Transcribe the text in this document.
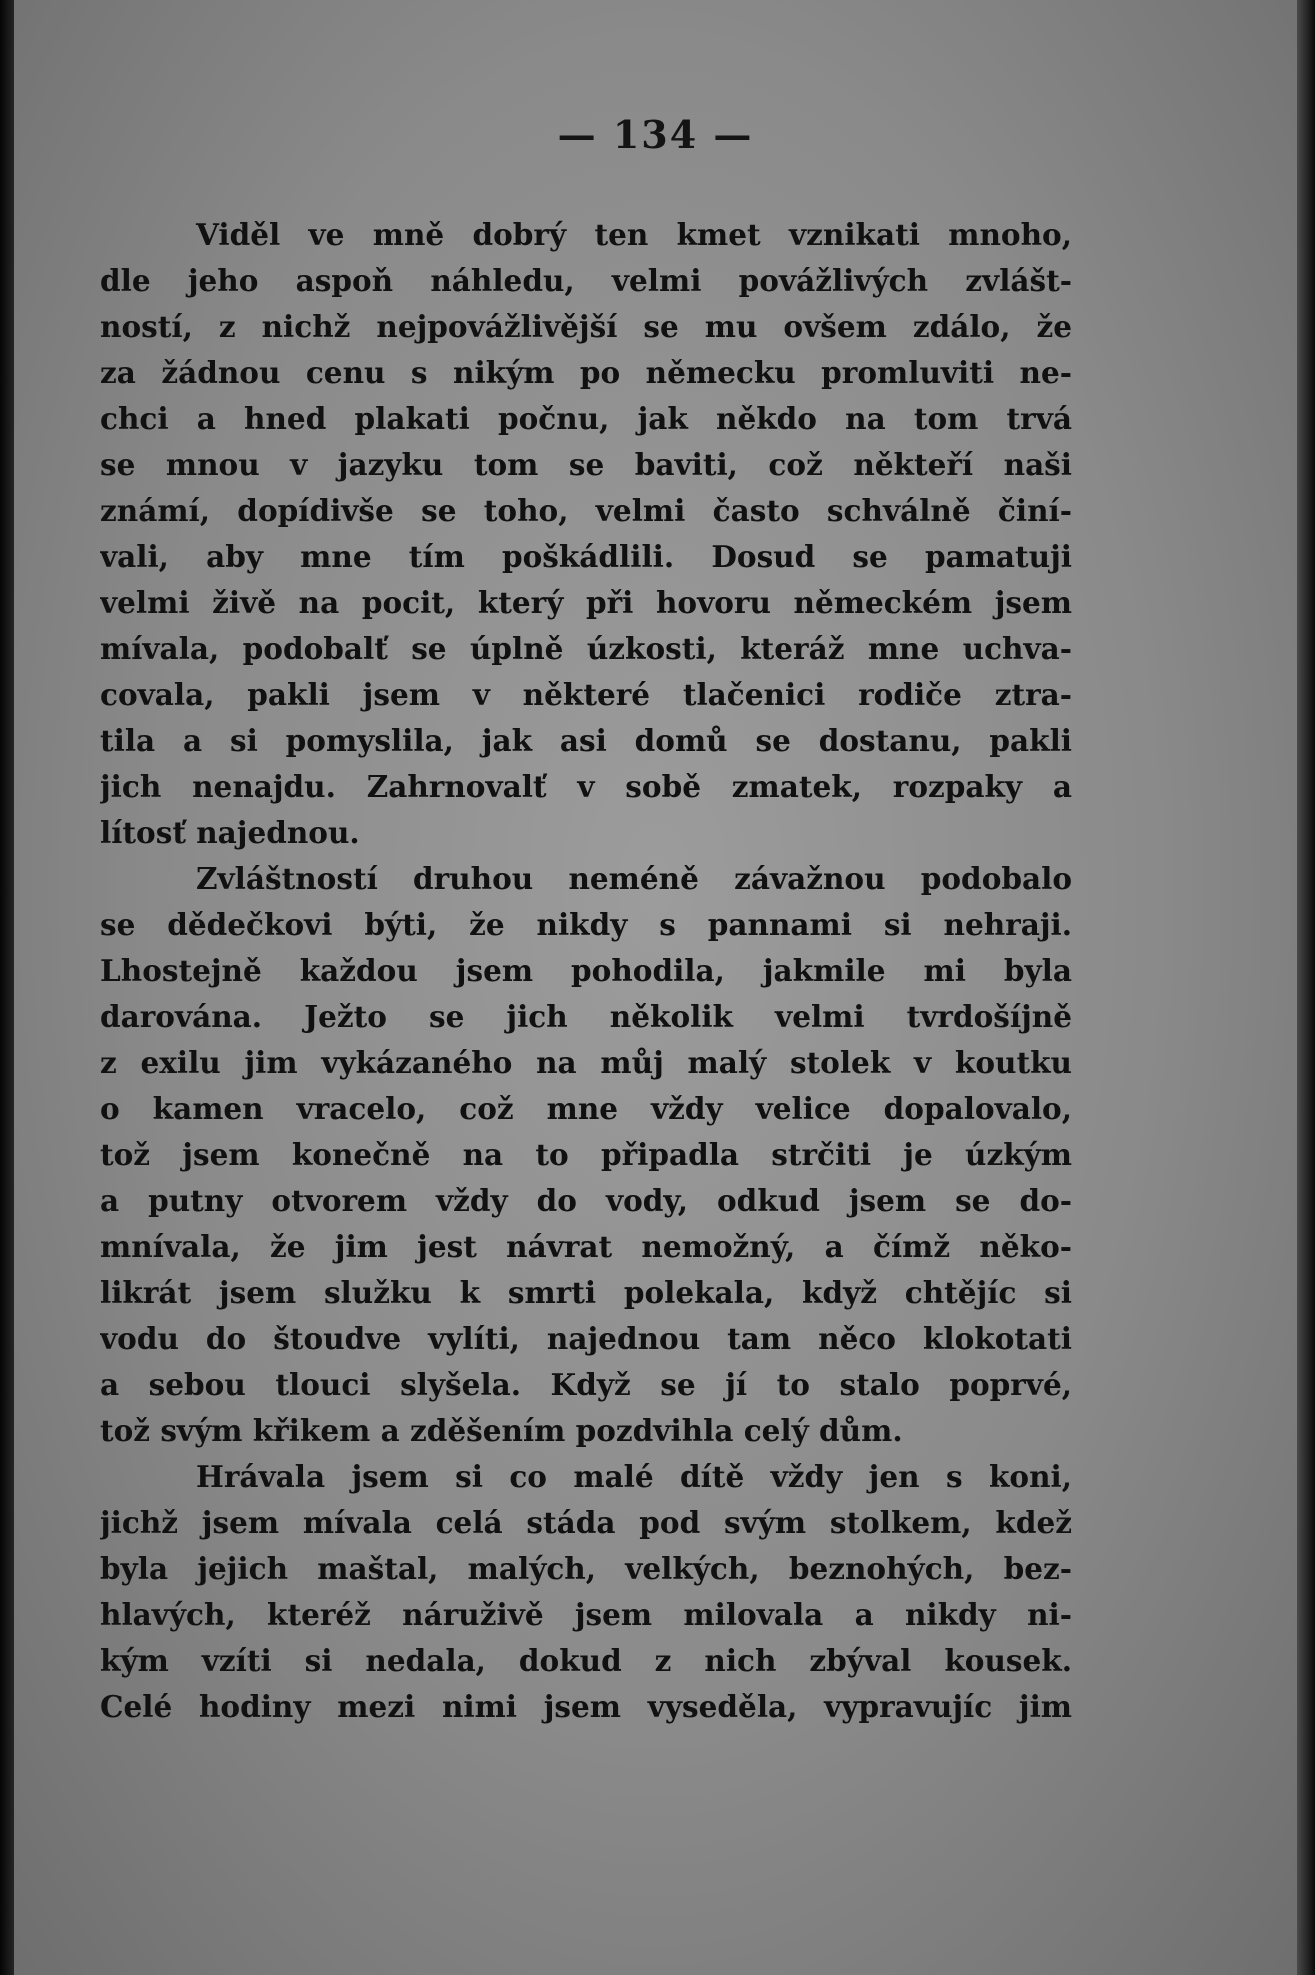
— 134 —
Viděl ve mně dobrý ten kmet vznikati mnoho,
dle jeho aspoň náhledu, velmi povážlivých zvlášt-
ností, z nichž nejpovážlivější se mu ovšem zdálo, že
za žádnou cenu s nikým po německu promluviti ne-
chci a hned plakati počnu, jak někdo na tom trvá
se mnou v jazyku tom se baviti, což někteří naši
známí, dopídivše se toho, velmi často schválně činí-
vali, aby mne tím poškádlili. Dosud se pamatuji
velmi živě na pocit, který při hovoru německém jsem
mívala, podobalť se úplně úzkosti, kteráž mne uchva-
covala, pakli jsem v některé tlačenici rodiče ztra-
tila a si pomyslila, jak asi domů se dostanu, pakli
jich nenajdu. Zahrnovalť v sobě zmatek, rozpaky a
lítosť najednou.
Zvláštností druhou neméně závažnou podobalo
se dědečkovi býti, že nikdy s pannami si nehraji.
Lhostejně každou jsem pohodila, jakmile mi byla
darována. Ježto se jich několik velmi tvrdošíjně
z exilu jim vykázaného na můj malý stolek v koutku
o kamen vracelo, což mne vždy velice dopalovalo,
tož jsem konečně na to připadla strčiti je úzkým
a putny otvorem vždy do vody, odkud jsem se do-
mnívala, že jim jest návrat nemožný, a čímž něko-
likrát jsem služku k smrti polekala, když chtějíc si
vodu do štoudve vylíti, najednou tam něco klokotati
a sebou tlouci slyšela. Když se jí to stalo poprvé,
tož svým křikem a zděšením pozdvihla celý dům.
Hrávala jsem si co malé dítě vždy jen s koni,
jichž jsem mívala celá stáda pod svým stolkem, kdež
byla jejich maštal, malých, velkých, beznohých, bez-
hlavých, kteréž náruživě jsem milovala a nikdy ni-
kým vzíti si nedala, dokud z nich zbýval kousek.
Celé hodiny mezi nimi jsem vyseděla, vypravujíc jim
